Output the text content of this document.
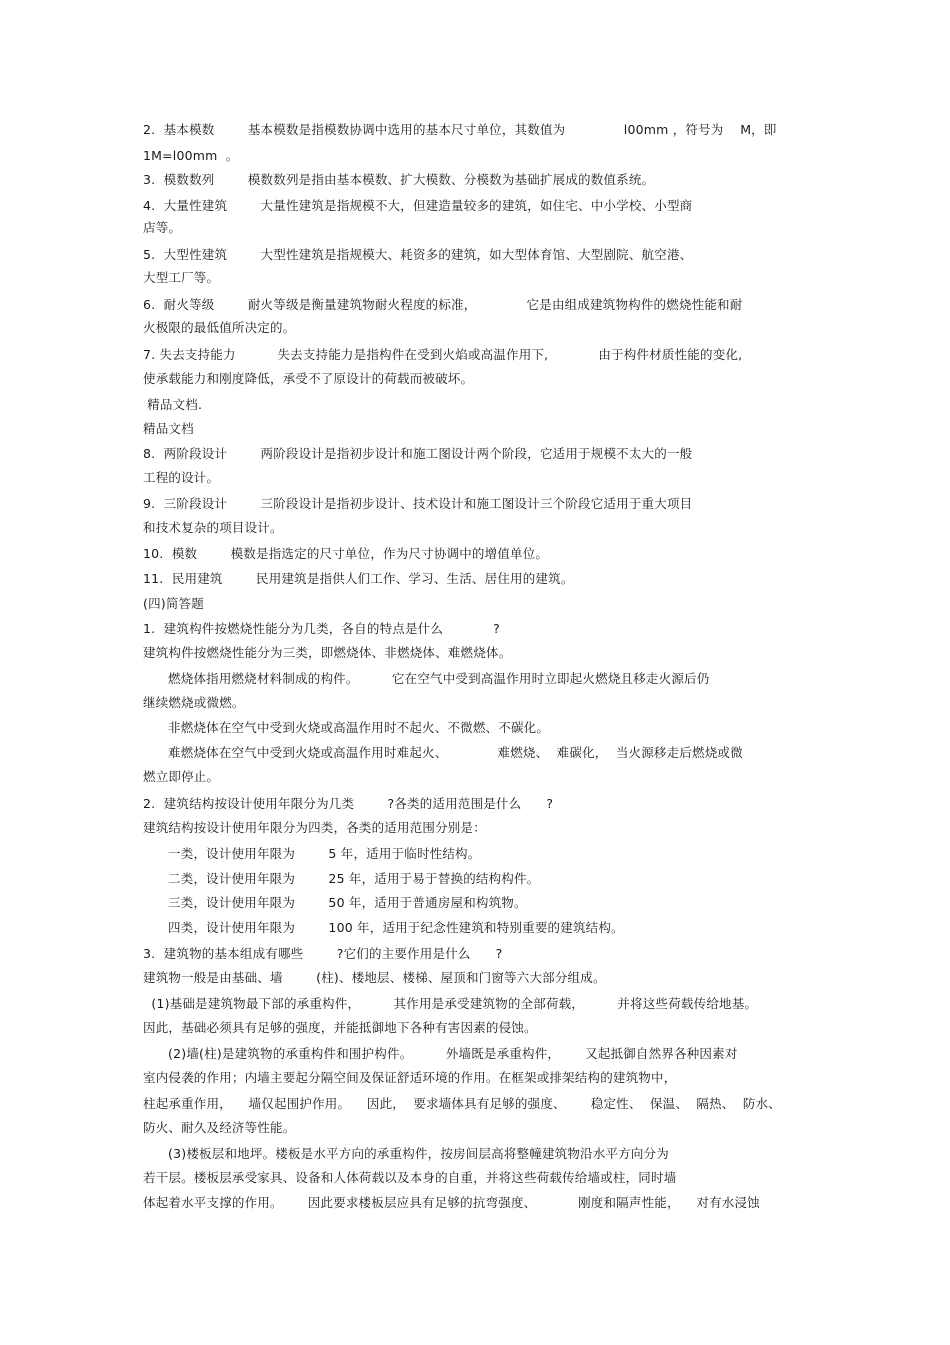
2.  基本模数        基本模数是指模数协调中选用的基本尺寸单位，其数值为              l00mm ，符号为    M，即
1M=l00mm  。
3.  模数数列        模数数列是指由基本模数、扩大模数、分模数为基础扩展成的数值系统。
4.  大量性建筑        大量性建筑是指规模不大，但建造量较多的建筑，如住宅、中小学校、小型商
店等。
5.  大型性建筑        大型性建筑是指规模大、耗资多的建筑，如大型体育馆、大型剧院、航空港、
大型工厂等。
6.  耐火等级        耐火等级是衡量建筑物耐火程度的标准，            它是由组成建筑物构件的燃烧性能和耐
火极限的最低值所决定的。
7. 失去支持能力          失去支持能力是指构件在受到火焰或高温作用下,            由于构件材质性能的变化,
使承载能力和刚度降低，承受不了原设计的荷载而被破坏。
精品文档.
精品文档
8.  两阶段设计        两阶段设计是指初步设计和施工图设计两个阶段，它适用于规模不太大的一般
工程的设计。
9.  三阶段设计        三阶段设计是指初步设计、技术设计和施工图设计三个阶段它适用于重大项目
和技术复杂的项目设计。
10.  模数        模数是指选定的尺寸单位，作为尺寸协调中的增值单位。
11.  民用建筑        民用建筑是指供人们工作、学习、生活、居住用的建筑。
(四)简答题
1.  建筑构件按燃烧性能分为几类，各自的特点是什么            ?
建筑构件按燃烧性能分为三类，即燃烧体、非燃烧体、难燃烧体。
燃烧体指用燃烧材料制成的构件。        它在空气中受到高温作用时立即起火燃烧且移走火源后仍
继续燃烧或微燃。
非燃烧体在空气中受到火烧或高温作用时不起火、不微燃、不碳化。
难燃烧体在空气中受到火烧或高温作用时难起火、            难燃烧、  难碳化，  当火源移走后燃烧或微
燃立即停止。
2.  建筑结构按设计使用年限分为几类        ?各类的适用范围是什么      ?
建筑结构按设计使用年限分为四类，各类的适用范围分别是：
一类，设计使用年限为        5 年，适用于临时性结构。
二类，设计使用年限为        25 年，适用于易于替换的结构构件。
三类，设计使用年限为        50 年，适用于普通房屋和构筑物。
四类，设计使用年限为        100 年，适用于纪念性建筑和特别重要的建筑结构。
3.  建筑物的基本组成有哪些        ?它们的主要作用是什么      ?
建筑物一般是由基础、墙        (柱)、楼地层、楼梯、屋顶和门窗等六大部分组成。
(1)基础是建筑物最下部的承重构件，        其作用是承受建筑物的全部荷载，        并将这些荷载传给地基。
因此，基础必须具有足够的强度，并能抵御地下各种有害因素的侵蚀。
(2)墙(柱)是建筑物的承重构件和围护构件。        外墙既是承重构件，      又起抵御自然界各种因素对
室内侵袭的作用；内墙主要起分隔空间及保证舒适环境的作用。在框架或排架结构的建筑物中，
柱起承重作用，    墙仅起围护作用。    因此，  要求墙体具有足够的强度、      稳定性、  保温、  隔热、  防水、
防火、耐久及经济等性能。
(3)楼板层和地坪。楼板是水平方向的承重构件，按房间层高将整幢建筑物沿水平方向分为
若干层。楼板层承受家具、设备和人体荷载以及本身的自重，并将这些荷载传给墙或柱，同时墙
体起着水平支撑的作用。      因此要求楼板层应具有足够的抗弯强度、          刚度和隔声性能，    对有水浸蚀
